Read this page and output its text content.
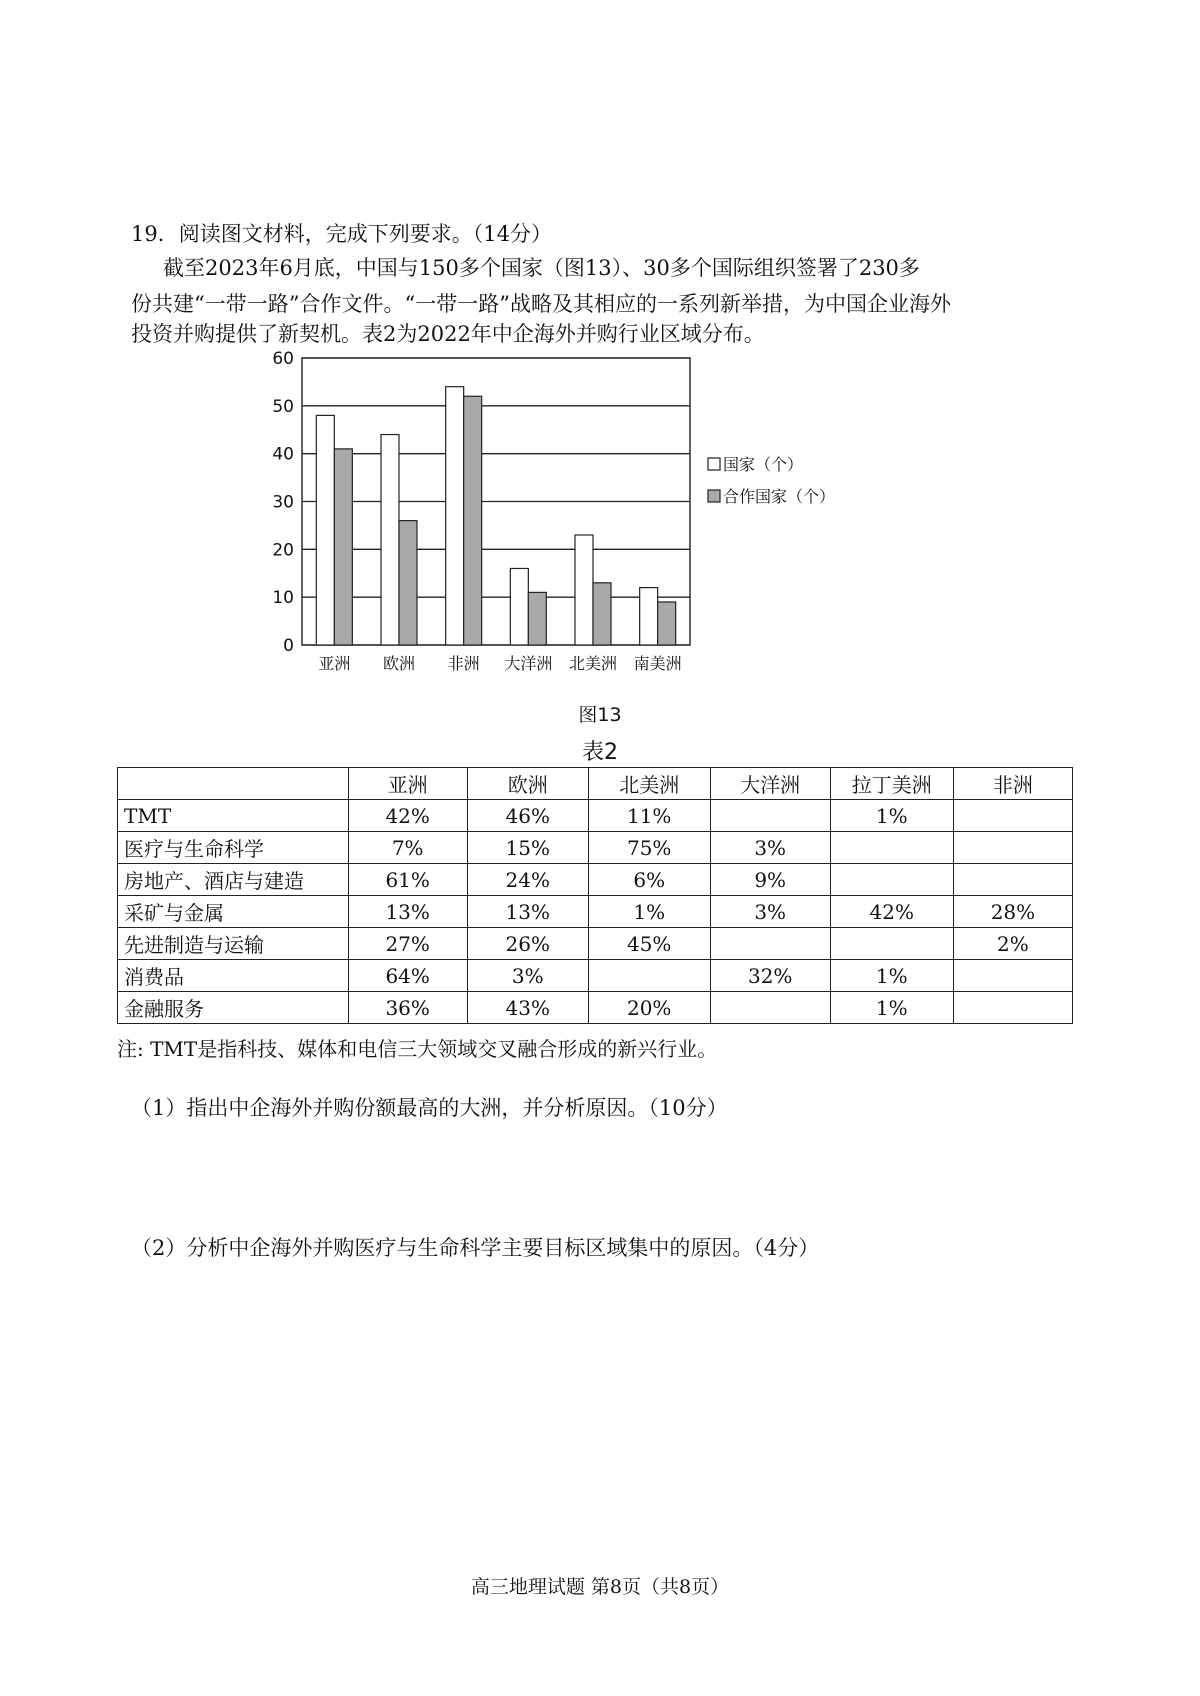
19．阅读图文材料，完成下列要求。（14分）
截至2023年6月底，中国与150多个国家（图13）、30多个国际组织签署了230多
份共建“一带一路”合作文件。“一带一路”战略及其相应的一系列新举措，为中国企业海外
投资并购提供了新契机。表2为2022年中企海外并购行业区域分布。
0
10
20
30
40
50
60
亚洲 欧洲 非洲 大洋洲 北美洲 南美洲
国家（个）
合作国家（个）
图13
表2
	亚洲	欧洲	北美洲	大洋洲	拉丁美洲	非洲
TMT	42%	46%	11%		1%	
医疗与生命科学	7%	15%	75%	3%		
房地产、酒店与建造	61%	24%	6%	9%		
采矿与金属	13%	13%	1%	3%	42%	28%
先进制造与运输	27%	26%	45%			2%
消费品	64%	3%		32%	1%	
金融服务	36%	43%	20%		1%	
注: TMT是指科技、媒体和电信三大领域交叉融合形成的新兴行业。
（1）指出中企海外并购份额最高的大洲，并分析原因。（10分）
（2）分析中企海外并购医疗与生命科学主要目标区域集中的原因。（4分）
高三地理试题 第8页（共8页）
